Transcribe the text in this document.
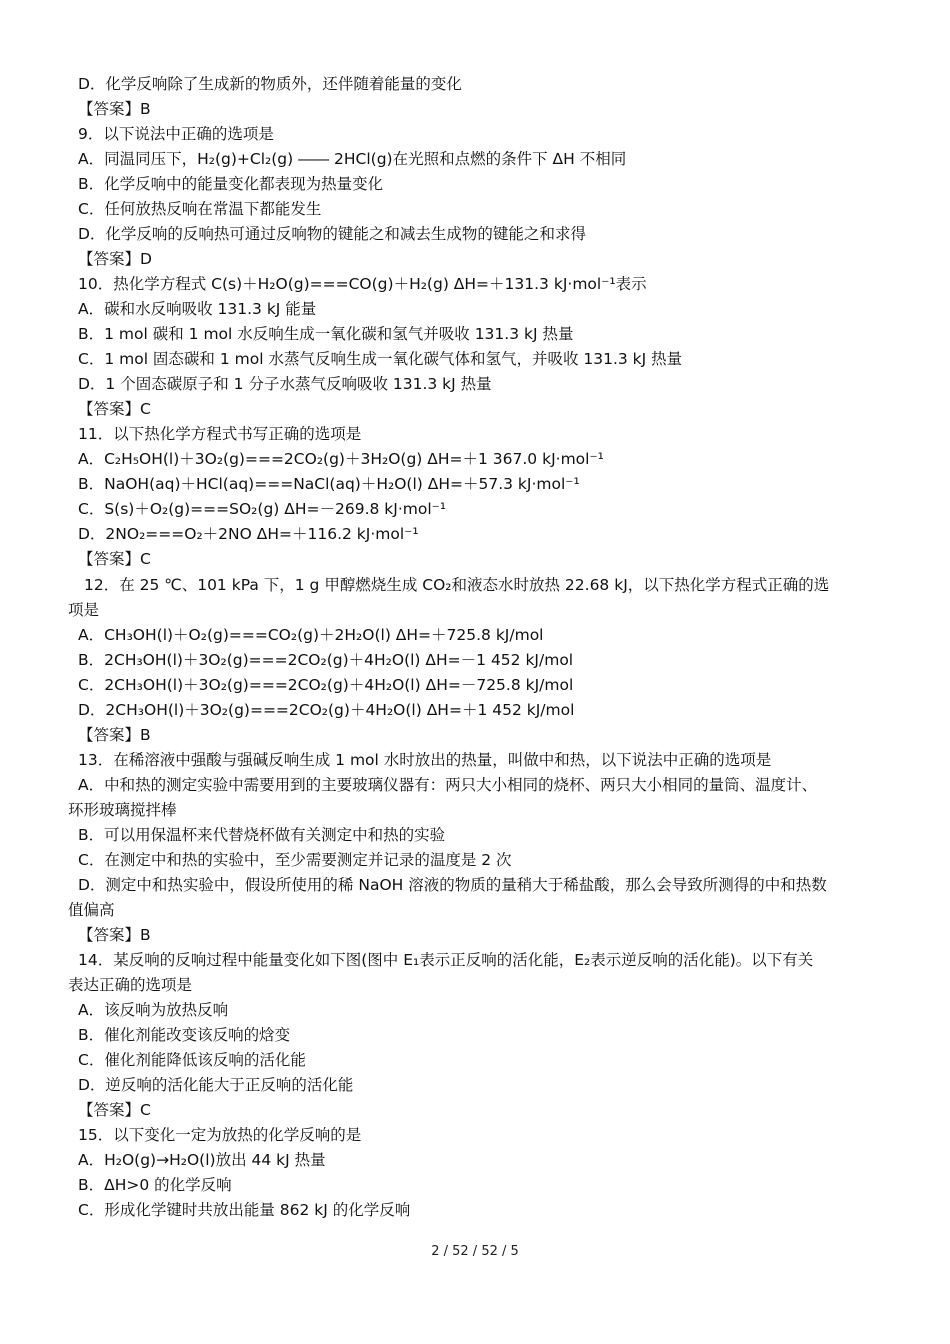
D．化学反响除了生成新的物质外，还伴随着能量的变化
【答案】B
9．以下说法中正确的选项是
A．同温同压下，H₂(g)+Cl₂(g) ―― 2HCl(g)在光照和点燃的条件下 ΔH 不相同
B．化学反响中的能量变化都表现为热量变化
C．任何放热反响在常温下都能发生
D．化学反响的反响热可通过反响物的键能之和减去生成物的键能之和求得
【答案】D
10．热化学方程式 C(s)＋H₂O(g)===CO(g)＋H₂(g) ΔH=＋131.3 kJ·mol⁻¹表示
A．碳和水反响吸收 131.3 kJ 能量
B．1 mol 碳和 1 mol 水反响生成一氧化碳和氢气并吸收 131.3 kJ 热量
C．1 mol 固态碳和 1 mol 水蒸气反响生成一氧化碳气体和氢气，并吸收 131.3 kJ 热量
D．1 个固态碳原子和 1 分子水蒸气反响吸收 131.3 kJ 热量
【答案】C
11．以下热化学方程式书写正确的选项是
A．C₂H₅OH(l)＋3O₂(g)===2CO₂(g)＋3H₂O(g) ΔH=＋1 367.0 kJ·mol⁻¹
B．NaOH(aq)＋HCl(aq)===NaCl(aq)＋H₂O(l) ΔH=＋57.3 kJ·mol⁻¹
C．S(s)＋O₂(g)===SO₂(g) ΔH=－269.8 kJ·mol⁻¹
D．2NO₂===O₂＋2NO ΔH=＋116.2 kJ·mol⁻¹
【答案】C
12．在 25 ℃、101 kPa 下，1 g 甲醇燃烧生成 CO₂和液态水时放热 22.68 kJ，以下热化学方程式正确的选
项是
A．CH₃OH(l)＋O₂(g)===CO₂(g)＋2H₂O(l) ΔH=＋725.8 kJ/mol
B．2CH₃OH(l)＋3O₂(g)===2CO₂(g)＋4H₂O(l) ΔH=－1 452 kJ/mol
C．2CH₃OH(l)＋3O₂(g)===2CO₂(g)＋4H₂O(l) ΔH=－725.8 kJ/mol
D．2CH₃OH(l)＋3O₂(g)===2CO₂(g)＋4H₂O(l) ΔH=＋1 452 kJ/mol
【答案】B
13．在稀溶液中强酸与强碱反响生成 1 mol 水时放出的热量，叫做中和热，以下说法中正确的选项是
A．中和热的测定实验中需要用到的主要玻璃仪器有：两只大小相同的烧杯、两只大小相同的量筒、温度计、
环形玻璃搅拌棒
B．可以用保温杯来代替烧杯做有关测定中和热的实验
C．在测定中和热的实验中，至少需要测定并记录的温度是 2 次
D．测定中和热实验中，假设所使用的稀 NaOH 溶液的物质的量稍大于稀盐酸，那么会导致所测得的中和热数
值偏高
【答案】B
14．某反响的反响过程中能量变化如下图(图中 E₁表示正反响的活化能，E₂表示逆反响的活化能)。以下有关
表达正确的选项是
A．该反响为放热反响
B．催化剂能改变该反响的焓变
C．催化剂能降低该反响的活化能
D．逆反响的活化能大于正反响的活化能
【答案】C
15．以下变化一定为放热的化学反响的是
A．H₂O(g)→H₂O(l)放出 44 kJ 热量
B．ΔH>0 的化学反响
C．形成化学键时共放出能量 862 kJ 的化学反响
2 / 52 / 52 / 5
